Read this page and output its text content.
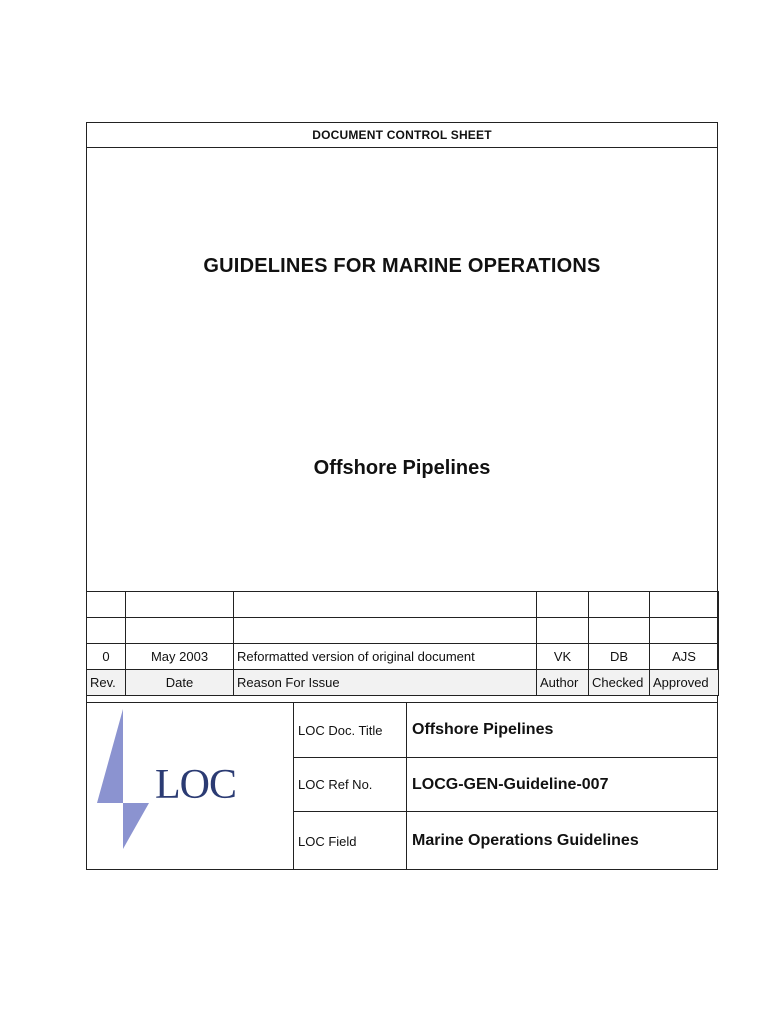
DOCUMENT CONTROL SHEET
GUIDELINES FOR MARINE OPERATIONS
Offshore Pipelines

0	May 2003	Reformatted version of original document	VK	DB	AJS
Rev.	Date	Reason For Issue	Author	Checked	Approved
LOC
LOC Doc. Title	Offshore Pipelines
LOC Ref No.	LOCG-GEN-Guideline-007
LOC Field	Marine Operations Guidelines
